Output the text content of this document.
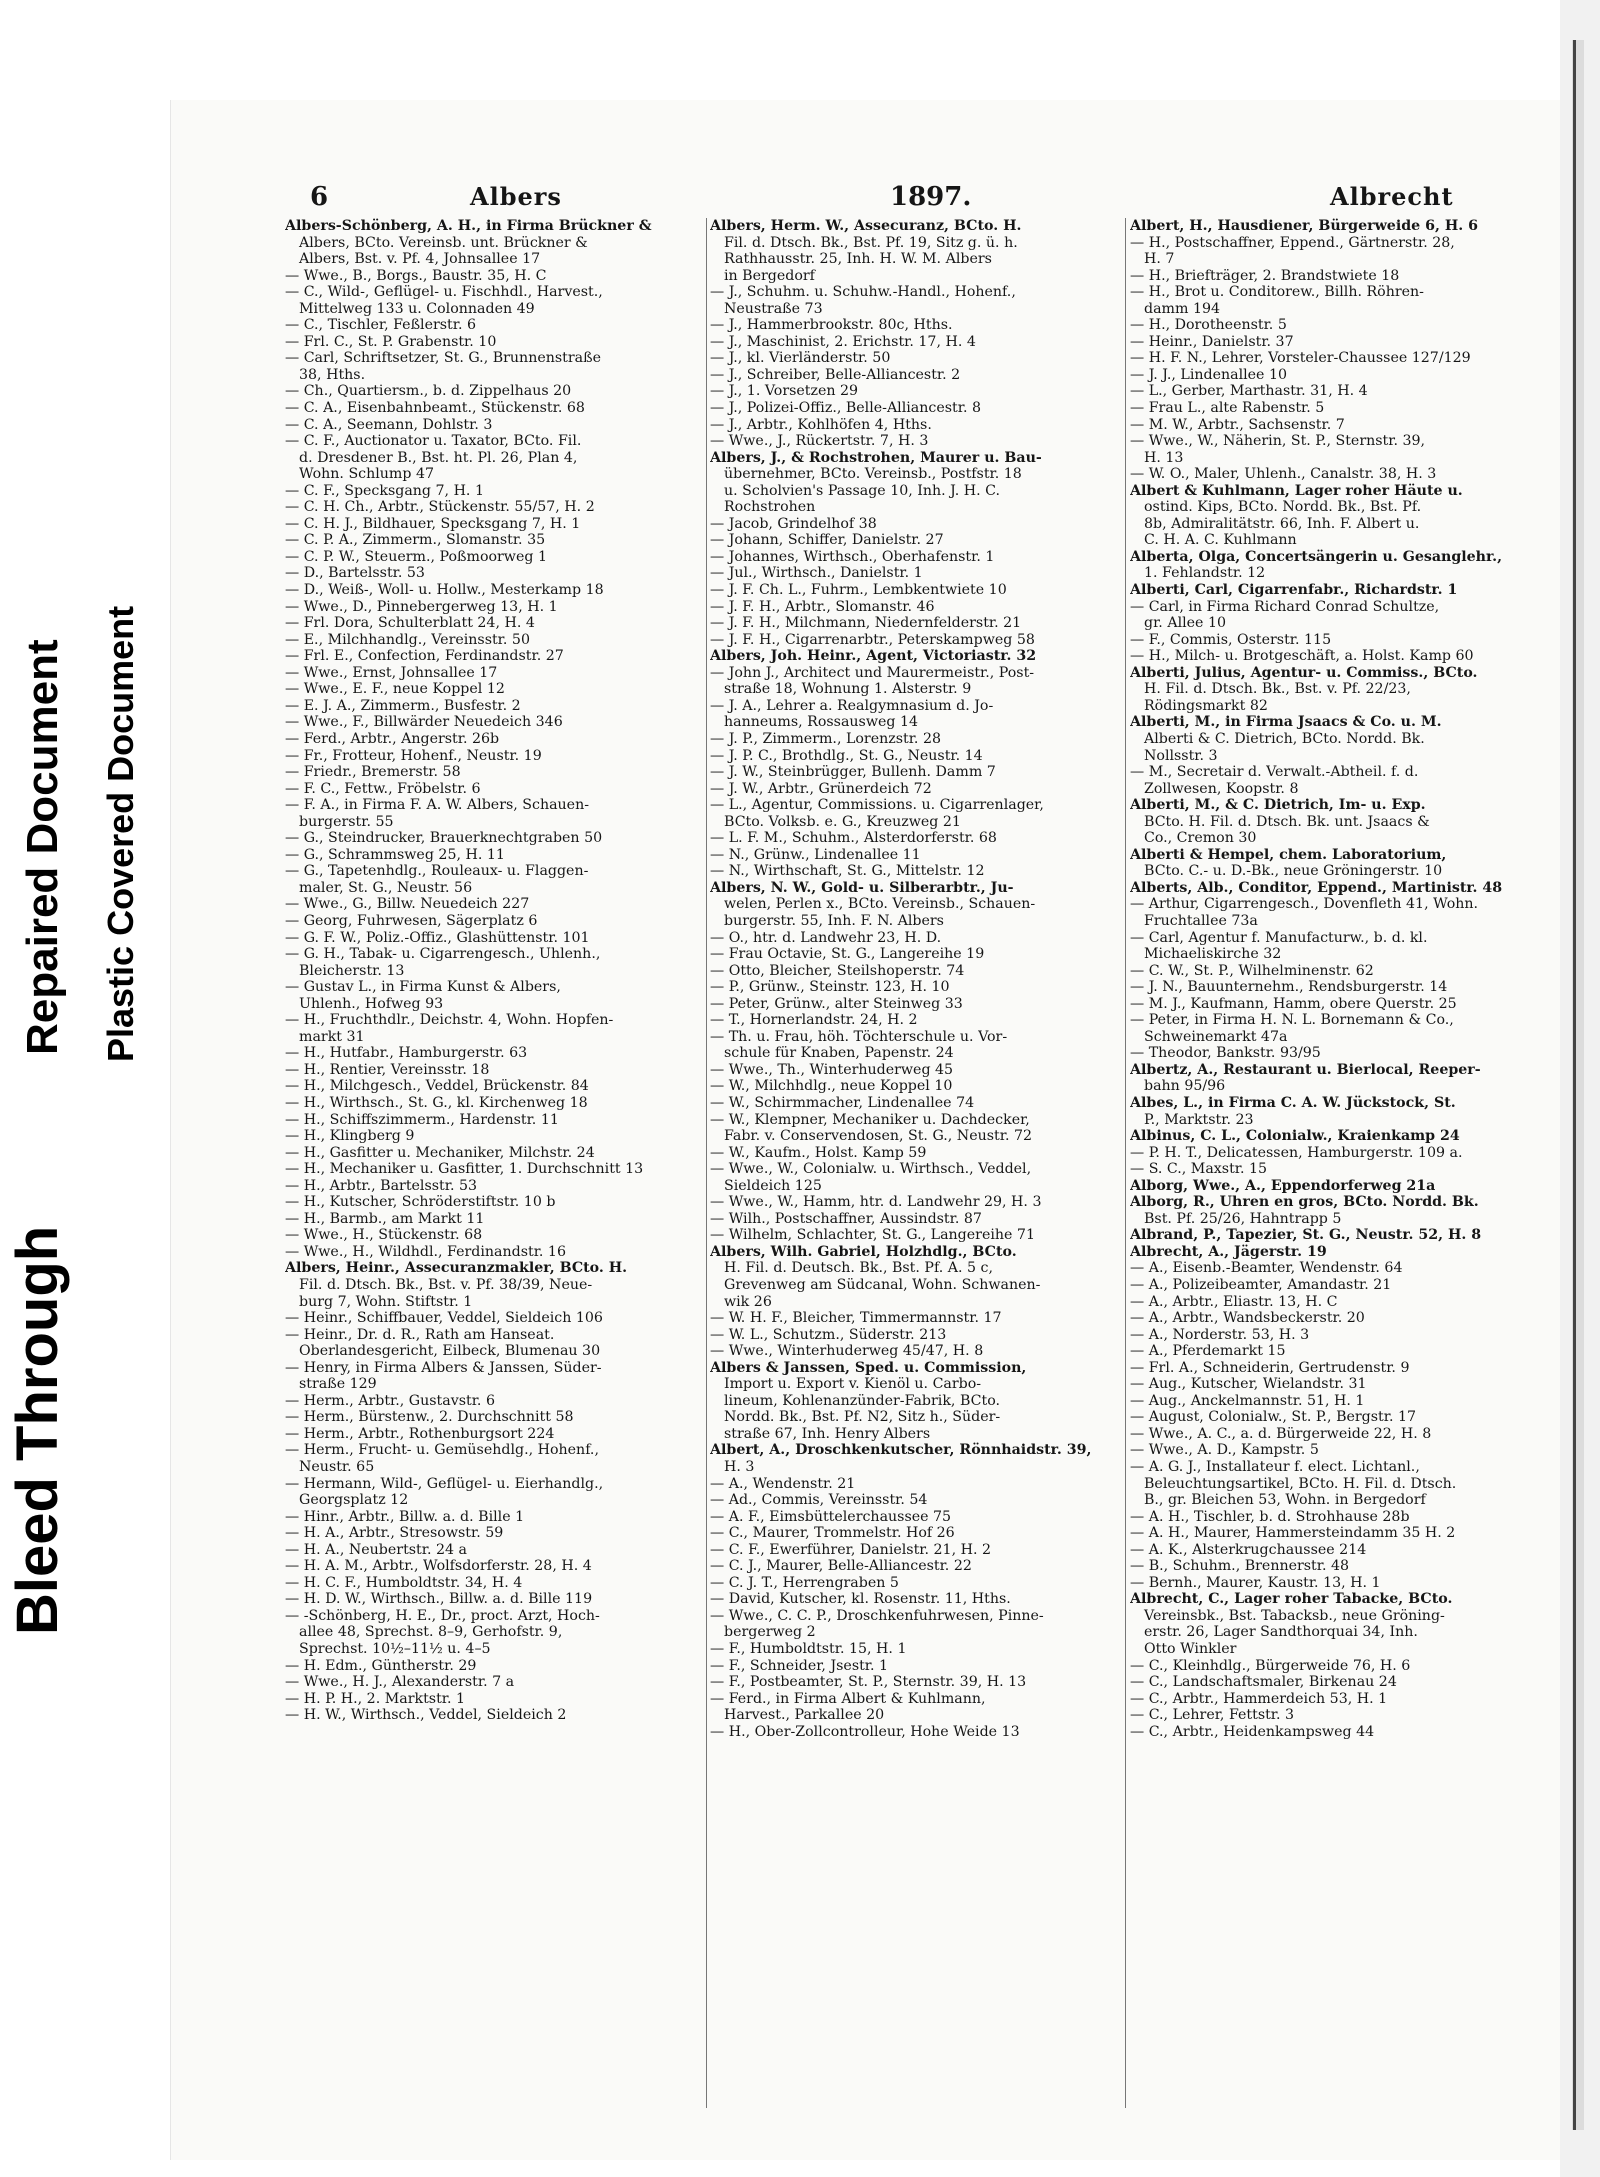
Bleed Through
Repaired Document Plastic Covered Document
6	Albers	1897.	Albrecht
Albers-Schönberg, A. H., in Firma Brückner &
Albers, BCto. Vereinsb. unt. Brückner &
Albers, Bst. v. Pf. 4, Johnsallee 17
— Wwe., B., Borgs., Baustr. 35, H. C
— C., Wild-, Geflügel- u. Fischhdl., Harvest.,
Mittelweg 133 u. Colonnaden 49
— C., Tischler, Feßlerstr. 6
— Frl. C., St. P. Grabenstr. 10
— Carl, Schriftsetzer, St. G., Brunnenstraße
38, Hths.
— Ch., Quartiersm., b. d. Zippelhaus 20
— C. A., Eisenbahnbeamt., Stückenstr. 68
— C. A., Seemann, Dohlstr. 3
— C. F., Auctionator u. Taxator, BCto. Fil.
d. Dresdener B., Bst. ht. Pl. 26, Plan 4,
Wohn. Schlump 47
— C. F., Specksgang 7, H. 1
— C. H. Ch., Arbtr., Stückenstr. 55/57, H. 2
— C. H. J., Bildhauer, Specksgang 7, H. 1
— C. P. A., Zimmerm., Slomanstr. 35
— C. P. W., Steuerm., Poßmoorweg 1
— D., Bartelsstr. 53
— D., Weiß-, Woll- u. Hollw., Mesterkamp 18
— Wwe., D., Pinnebergerweg 13, H. 1
— Frl. Dora, Schulterblatt 24, H. 4
— E., Milchhandlg., Vereinsstr. 50
— Frl. E., Confection, Ferdinandstr. 27
— Wwe., Ernst, Johnsallee 17
— Wwe., E. F., neue Koppel 12
— E. J. A., Zimmerm., Busfestr. 2
— Wwe., F., Billwärder Neuedeich 346
— Ferd., Arbtr., Angerstr. 26b
— Fr., Frotteur, Hohenf., Neustr. 19
— Friedr., Bremerstr. 58
— F. C., Fettw., Fröbelstr. 6
— F. A., in Firma F. A. W. Albers, Schauen-
burgerstr. 55
— G., Steindrucker, Brauerknechtgraben 50
— G., Schrammsweg 25, H. 11
— G., Tapetenhdlg., Rouleaux- u. Flaggen-
maler, St. G., Neustr. 56
— Wwe., G., Billw. Neuedeich 227
— Georg, Fuhrwesen, Sägerplatz 6
— G. F. W., Poliz.-Offiz., Glashüttenstr. 101
— G. H., Tabak- u. Cigarrengesch., Uhlenh.,
Bleicherstr. 13
— Gustav L., in Firma Kunst & Albers,
Uhlenh., Hofweg 93
— H., Fruchthdlr., Deichstr. 4, Wohn. Hopfen-
markt 31
— H., Hutfabr., Hamburgerstr. 63
— H., Rentier, Vereinsstr. 18
— H., Milchgesch., Veddel, Brückenstr. 84
— H., Wirthsch., St. G., kl. Kirchenweg 18
— H., Schiffszimmerm., Hardenstr. 11
— H., Klingberg 9
— H., Gasfitter u. Mechaniker, Milchstr. 24
— H., Mechaniker u. Gasfitter, 1. Durchschnitt 13
— H., Arbtr., Bartelsstr. 53
— H., Kutscher, Schröderstiftstr. 10 b
— H., Barmb., am Markt 11
— Wwe., H., Stückenstr. 68
— Wwe., H., Wildhdl., Ferdinandstr. 16
Albers, Heinr., Assecuranzmakler, BCto. H.
Fil. d. Dtsch. Bk., Bst. v. Pf. 38/39, Neue-
burg 7, Wohn. Stiftstr. 1
— Heinr., Schiffbauer, Veddel, Sieldeich 106
— Heinr., Dr. d. R., Rath am Hanseat.
Oberlandesgericht, Eilbeck, Blumenau 30
— Henry, in Firma Albers & Janssen, Süder-
straße 129
— Herm., Arbtr., Gustavstr. 6
— Herm., Bürstenw., 2. Durchschnitt 58
— Herm., Arbtr., Rothenburgsort 224
— Herm., Frucht- u. Gemüsehdlg., Hohenf.,
Neustr. 65
— Hermann, Wild-, Geflügel- u. Eierhandlg.,
Georgsplatz 12
— Hinr., Arbtr., Billw. a. d. Bille 1
— H. A., Arbtr., Stresowstr. 59
— H. A., Neubertstr. 24 a
— H. A. M., Arbtr., Wolfsdorferstr. 28, H. 4
— H. C. F., Humboldtstr. 34, H. 4
— H. D. W., Wirthsch., Billw. a. d. Bille 119
— -Schönberg, H. E., Dr., proct. Arzt, Hoch-
allee 48, Sprechst. 8–9, Gerhofstr. 9,
Sprechst. 10½–11½ u. 4–5
— H. Edm., Güntherstr. 29
— Wwe., H. J., Alexanderstr. 7 a
— H. P. H., 2. Marktstr. 1
— H. W., Wirthsch., Veddel, Sieldeich 2
Albers, Herm. W., Assecuranz, BCto. H.
Fil. d. Dtsch. Bk., Bst. Pf. 19, Sitz g. ü. h.
Rathhausstr. 25, Inh. H. W. M. Albers
in Bergedorf
— J., Schuhm. u. Schuhw.-Handl., Hohenf.,
Neustraße 73
— J., Hammerbrookstr. 80c, Hths.
— J., Maschinist, 2. Erichstr. 17, H. 4
— J., kl. Vierländerstr. 50
— J., Schreiber, Belle-Alliancestr. 2
— J., 1. Vorsetzen 29
— J., Polizei-Offiz., Belle-Alliancestr. 8
— J., Arbtr., Kohlhöfen 4, Hths.
— Wwe., J., Rückertstr. 7, H. 3
Albers, J., & Rochstrohen, Maurer u. Bau-
übernehmer, BCto. Vereinsb., Postfstr. 18
u. Scholvien's Passage 10, Inh. J. H. C.
Rochstrohen
— Jacob, Grindelhof 38
— Johann, Schiffer, Danielstr. 27
— Johannes, Wirthsch., Oberhafenstr. 1
— Jul., Wirthsch., Danielstr. 1
— J. F. Ch. L., Fuhrm., Lembkentwiete 10
— J. F. H., Arbtr., Slomanstr. 46
— J. F. H., Milchmann, Niedernfelderstr. 21
— J. F. H., Cigarrenarbtr., Peterskampweg 58
Albers, Joh. Heinr., Agent, Victoriastr. 32
— John J., Architect und Maurermeistr., Post-
straße 18, Wohnung 1. Alsterstr. 9
— J. A., Lehrer a. Realgymnasium d. Jo-
hanneums, Rossausweg 14
— J. P., Zimmerm., Lorenzstr. 28
— J. P. C., Brothdlg., St. G., Neustr. 14
— J. W., Steinbrügger, Bullenh. Damm 7
— J. W., Arbtr., Grünerdeich 72
— L., Agentur, Commissions. u. Cigarrenlager,
BCto. Volksb. e. G., Kreuzweg 21
— L. F. M., Schuhm., Alsterdorferstr. 68
— N., Grünw., Lindenallee 11
— N., Wirthschaft, St. G., Mittelstr. 12
Albers, N. W., Gold- u. Silberarbtr., Ju-
welen, Perlen x., BCto. Vereinsb., Schauen-
burgerstr. 55, Inh. F. N. Albers
— O., htr. d. Landwehr 23, H. D.
— Frau Octavie, St. G., Langereihe 19
— Otto, Bleicher, Steilshoperstr. 74
— P., Grünw., Steinstr. 123, H. 10
— Peter, Grünw., alter Steinweg 33
— T., Hornerlandstr. 24, H. 2
— Th. u. Frau, höh. Töchterschule u. Vor-
schule für Knaben, Papenstr. 24
— Wwe., Th., Winterhuderweg 45
— W., Milchhdlg., neue Koppel 10
— W., Schirmmacher, Lindenallee 74
— W., Klempner, Mechaniker u. Dachdecker,
Fabr. v. Conservendosen, St. G., Neustr. 72
— W., Kaufm., Holst. Kamp 59
— Wwe., W., Colonialw. u. Wirthsch., Veddel,
Sieldeich 125
— Wwe., W., Hamm, htr. d. Landwehr 29, H. 3
— Wilh., Postschaffner, Aussindstr. 87
— Wilhelm, Schlachter, St. G., Langereihe 71
Albers, Wilh. Gabriel, Holzhdlg., BCto.
H. Fil. d. Deutsch. Bk., Bst. Pf. A. 5 c,
Grevenweg am Südcanal, Wohn. Schwanen-
wik 26
— W. H. F., Bleicher, Timmermannstr. 17
— W. L., Schutzm., Süderstr. 213
— Wwe., Winterhuderweg 45/47, H. 8
Albers & Janssen, Sped. u. Commission,
Import u. Export v. Kienöl u. Carbo-
lineum, Kohlenanzünder-Fabrik, BCto.
Nordd. Bk., Bst. Pf. N2, Sitz h., Süder-
straße 67, Inh. Henry Albers
Albert, A., Droschkenkutscher, Rönnhaidstr. 39,
H. 3
— A., Wendenstr. 21
— Ad., Commis, Vereinsstr. 54
— A. F., Eimsbüttelerchaussee 75
— C., Maurer, Trommelstr. Hof 26
— C. F., Ewerführer, Danielstr. 21, H. 2
— C. J., Maurer, Belle-Alliancestr. 22
— C. J. T., Herrengraben 5
— David, Kutscher, kl. Rosenstr. 11, Hths.
— Wwe., C. C. P., Droschkenfuhrwesen, Pinne-
bergerweg 2
— F., Humboldtstr. 15, H. 1
— F., Schneider, Jsestr. 1
— F., Postbeamter, St. P., Sternstr. 39, H. 13
— Ferd., in Firma Albert & Kuhlmann,
Harvest., Parkallee 20
— H., Ober-Zollcontrolleur, Hohe Weide 13
Albert, H., Hausdiener, Bürgerweide 6, H. 6
— H., Postschaffner, Eppend., Gärtnerstr. 28,
H. 7
— H., Briefträger, 2. Brandstwiete 18
— H., Brot u. Conditorew., Billh. Röhren-
damm 194
— H., Dorotheenstr. 5
— Heinr., Danielstr. 37
— H. F. N., Lehrer, Vorsteler-Chaussee 127/129
— J. J., Lindenallee 10
— L., Gerber, Marthastr. 31, H. 4
— Frau L., alte Rabenstr. 5
— M. W., Arbtr., Sachsenstr. 7
— Wwe., W., Näherin, St. P., Sternstr. 39,
H. 13
— W. O., Maler, Uhlenh., Canalstr. 38, H. 3
Albert & Kuhlmann, Lager roher Häute u.
ostind. Kips, BCto. Nordd. Bk., Bst. Pf.
8b, Admiralitätstr. 66, Inh. F. Albert u.
C. H. A. C. Kuhlmann
Alberta, Olga, Concertsängerin u. Gesanglehr.,
1. Fehlandstr. 12
Alberti, Carl, Cigarrenfabr., Richardstr. 1
— Carl, in Firma Richard Conrad Schultze,
gr. Allee 10
— F., Commis, Osterstr. 115
— H., Milch- u. Brotgeschäft, a. Holst. Kamp 60
Alberti, Julius, Agentur- u. Commiss., BCto.
H. Fil. d. Dtsch. Bk., Bst. v. Pf. 22/23,
Rödingsmarkt 82
Alberti, M., in Firma Jsaacs & Co. u. M.
Alberti & C. Dietrich, BCto. Nordd. Bk.
Nollsstr. 3
— M., Secretair d. Verwalt.-Abtheil. f. d.
Zollwesen, Koopstr. 8
Alberti, M., & C. Dietrich, Im- u. Exp.
BCto. H. Fil. d. Dtsch. Bk. unt. Jsaacs &
Co., Cremon 30
Alberti & Hempel, chem. Laboratorium,
BCto. C.- u. D.-Bk., neue Gröningerstr. 10
Alberts, Alb., Conditor, Eppend., Martinistr. 48
— Arthur, Cigarrengesch., Dovenfleth 41, Wohn.
Fruchtallee 73a
— Carl, Agentur f. Manufacturw., b. d. kl.
Michaeliskirche 32
— C. W., St. P., Wilhelminenstr. 62
— J. N., Bauunternehm., Rendsburgerstr. 14
— M. J., Kaufmann, Hamm, obere Querstr. 25
— Peter, in Firma H. N. L. Bornemann & Co.,
Schweinemarkt 47a
— Theodor, Bankstr. 93/95
Albertz, A., Restaurant u. Bierlocal, Reeper-
bahn 95/96
Albes, L., in Firma C. A. W. Jückstock, St.
P., Marktstr. 23
Albinus, C. L., Colonialw., Kraienkamp 24
— P. H. T., Delicatessen, Hamburgerstr. 109 a.
— S. C., Maxstr. 15
Alborg, Wwe., A., Eppendorferweg 21a
Alborg, R., Uhren en gros, BCto. Nordd. Bk.
Bst. Pf. 25/26, Hahntrapp 5
Albrand, P., Tapezier, St. G., Neustr. 52, H. 8
Albrecht, A., Jägerstr. 19
— A., Eisenb.-Beamter, Wendenstr. 64
— A., Polizeibeamter, Amandastr. 21
— A., Arbtr., Eliastr. 13, H. C
— A., Arbtr., Wandsbeckerstr. 20
— A., Norderstr. 53, H. 3
— A., Pferdemarkt 15
— Frl. A., Schneiderin, Gertrudenstr. 9
— Aug., Kutscher, Wielandstr. 31
— Aug., Anckelmannstr. 51, H. 1
— August, Colonialw., St. P., Bergstr. 17
— Wwe., A. C., a. d. Bürgerweide 22, H. 8
— Wwe., A. D., Kampstr. 5
— A. G. J., Installateur f. elect. Lichtanl.,
Beleuchtungsartikel, BCto. H. Fil. d. Dtsch.
B., gr. Bleichen 53, Wohn. in Bergedorf
— A. H., Tischler, b. d. Strohhause 28b
— A. H., Maurer, Hammersteindamm 35 H. 2
— A. K., Alsterkrugchaussee 214
— B., Schuhm., Brennerstr. 48
— Bernh., Maurer, Kaustr. 13, H. 1
Albrecht, C., Lager roher Tabacke, BCto.
Vereinsbk., Bst. Tabacksb., neue Gröning-
erstr. 26, Lager Sandthorquai 34, Inh.
Otto Winkler
— C., Kleinhdlg., Bürgerweide 76, H. 6
— C., Landschaftsmaler, Birkenau 24
— C., Arbtr., Hammerdeich 53, H. 1
— C., Lehrer, Fettstr. 3
— C., Arbtr., Heidenkampsweg 44
